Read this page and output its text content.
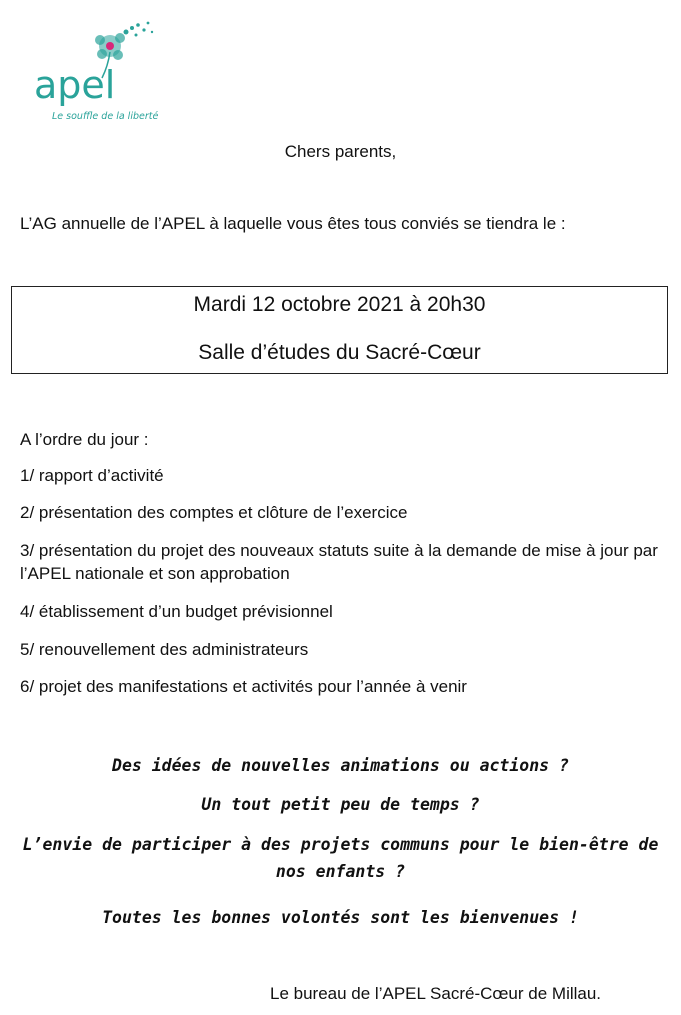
apel
Le souffle de la liberté
Chers parents,
L’AG annuelle de l’APEL à laquelle vous êtes tous conviés se tiendra le :
Mardi 12 octobre 2021 à 20h30
Salle d’études du Sacré-Cœur
A l’ordre du jour :
1/ rapport d’activité
2/ présentation des comptes et clôture de l’exercice
3/ présentation du projet des nouveaux statuts suite à la demande de mise à jour par l’APEL nationale et son approbation
4/ établissement d’un budget prévisionnel
5/ renouvellement des administrateurs
6/ projet des manifestations et activités pour l’année à venir
Des idées de nouvelles animations ou actions ?
Un tout petit peu de temps ?
L’envie de participer à des projets communs pour le bien-être de nos enfants ?
Toutes les bonnes volontés sont les bienvenues !
Le bureau de l’APEL Sacré-Cœur de Millau.
